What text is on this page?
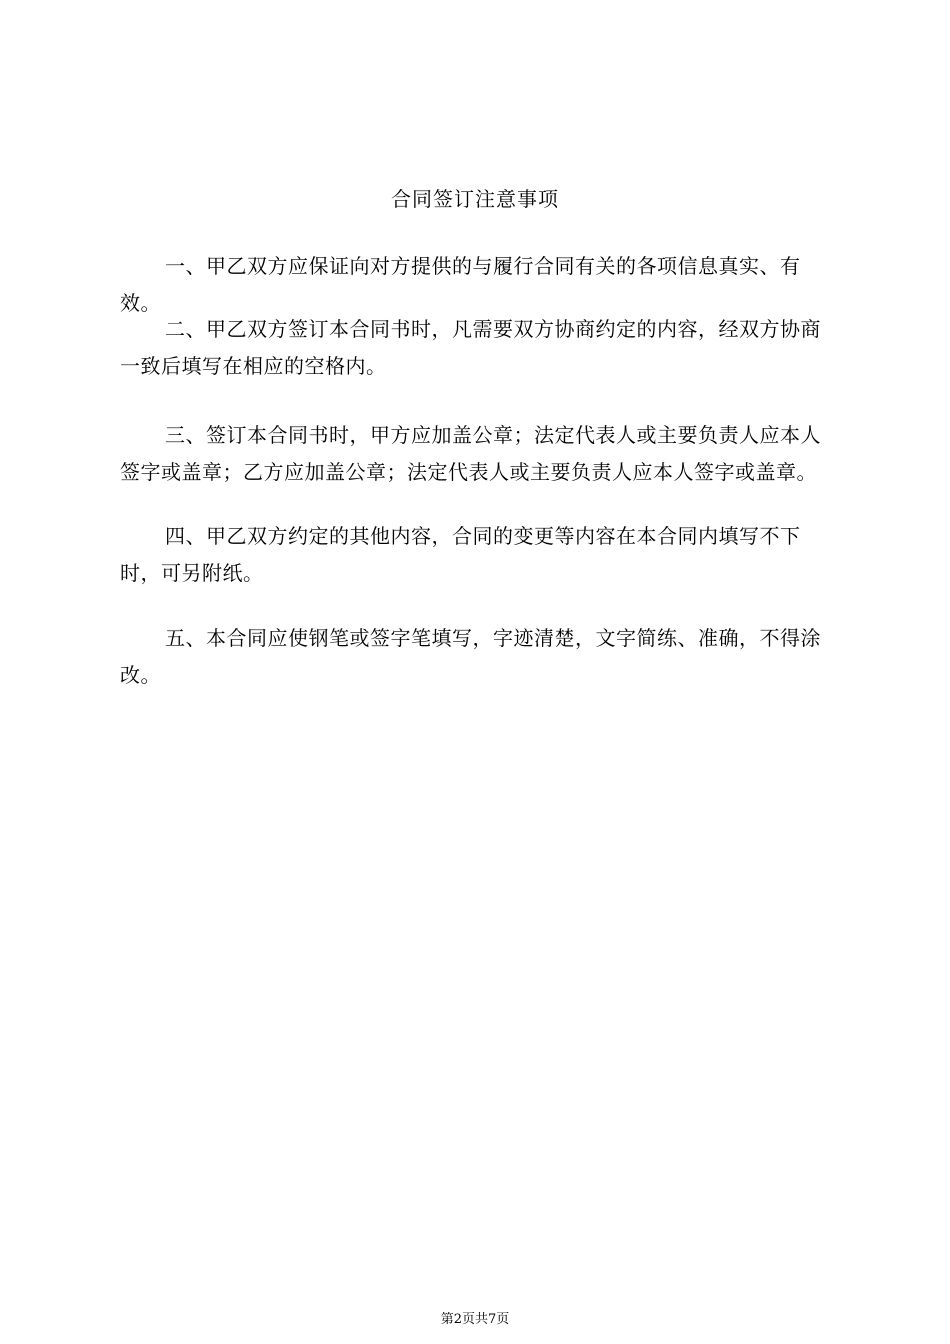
合同签订注意事项

一、甲乙双方应保证向对方提供的与履行合同有关的各项信息真实、有效。

二、甲乙双方签订本合同书时，凡需要双方协商约定的内容，经双方协商一致后填写在相应的空格内。

三、签订本合同书时，甲方应加盖公章；法定代表人或主要负责人应本人签字或盖章；乙方应加盖公章；法定代表人或主要负责人应本人签字或盖章。

四、甲乙双方约定的其他内容，合同的变更等内容在本合同内填写不下时，可另附纸。

五、本合同应使钢笔或签字笔填写，字迹清楚，文字简练、准确，不得涂改。

第2页共7页
